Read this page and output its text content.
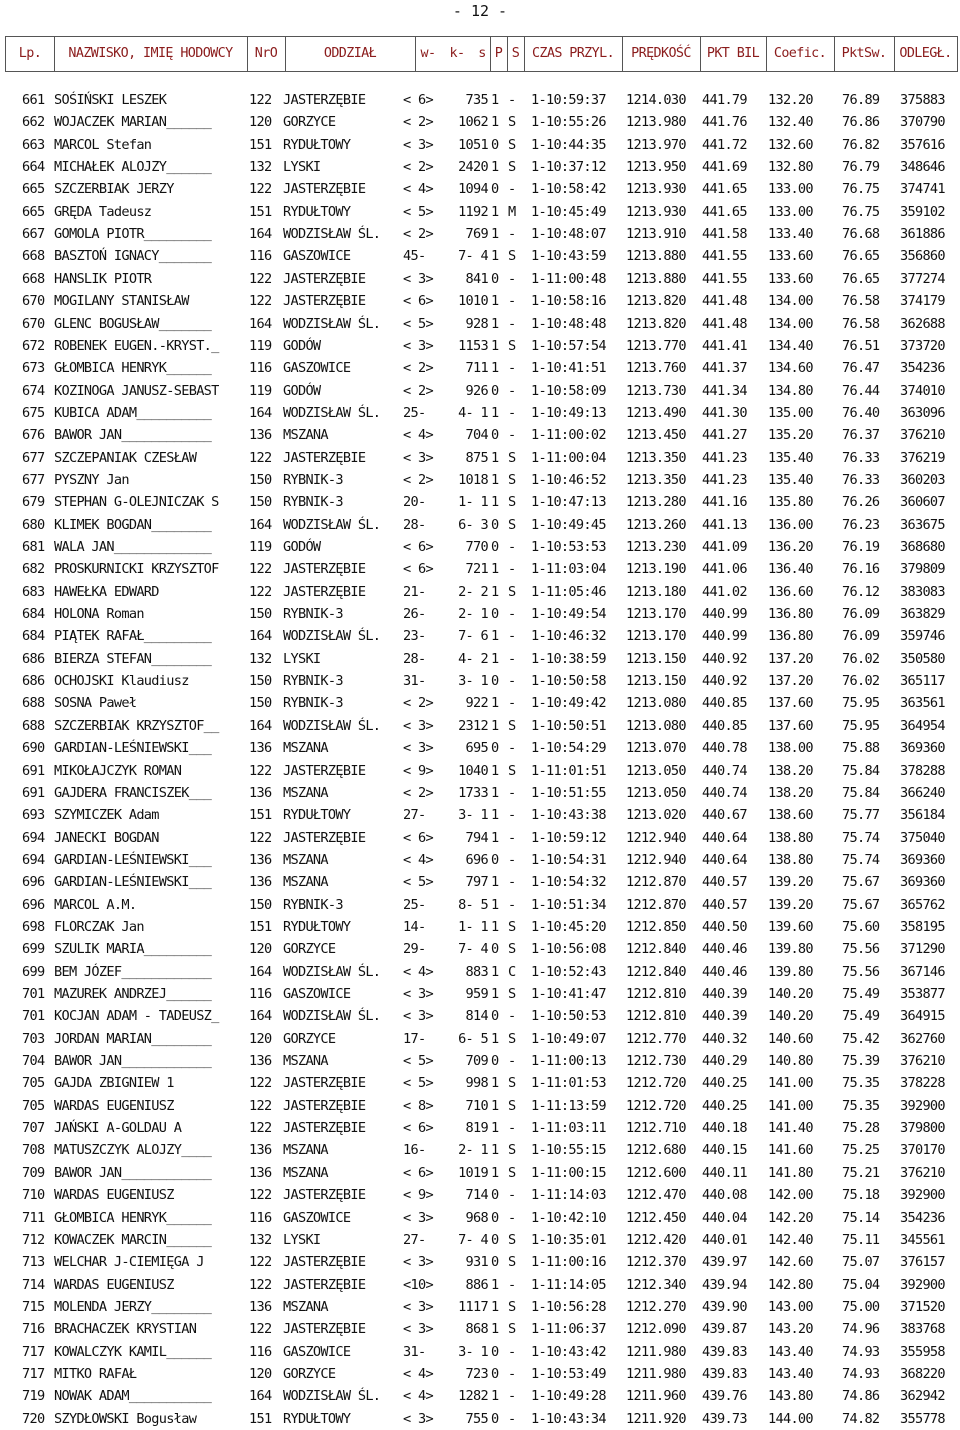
- 12 -
Lp.	NAZWISKO, IMIĘ HODOWCY	NrO	ODDZIAŁ	w- k- s P S CZAS PRZYL.	PRĘDKOŚĆ	PKT BIL	Coefic.	PktSw. ODLEGŁ.
661 SOŚIŃSKI LESZEK	122 JASTERZĘBIE	< 6>	735 1 - 1-10:59:37 1214.030 441.79 132.20 76.89 375883
662 WOJACZEK MARIAN______	120 GORZYCE	< 2>	1062 1 S 1-10:55:26 1213.980 441.76 132.40 76.86 370790
663 MARCOL Stefan	151 RYDUŁTOWY	< 3>	1051 0 S 1-10:44:35 1213.970 441.72 132.60 76.82 357616
664 MICHAŁEK ALOJZY______	132 LYSKI	< 2>	2420 1 S 1-10:37:12 1213.950 441.69 132.80 76.79 348646
665 SZCZERBIAK JERZY	122 JASTERZĘBIE	< 4>	1094 0 - 1-10:58:42 1213.930 441.65 133.00 76.75 374741
665 GRĘDA Tadeusz	151 RYDUŁTOWY	< 5>	1192 1 M 1-10:45:49 1213.930 441.65 133.00 76.75 359102
667 GOMOLA PIOTR_________	164 WODZISŁAW ŚL.	< 2>	769 1 - 1-10:48:07 1213.910 441.58 133.40 76.68 361886
668 BASZTOŃ IGNACY_______	116 GASZOWICE	45-	7- 4 1 S 1-10:43:59 1213.880 441.55 133.60 76.65 356860
668 HANSLIK PIOTR	122 JASTERZĘBIE	< 3>	841 0 - 1-11:00:48 1213.880 441.55 133.60 76.65 377274
670 MOGILANY STANISŁAW	122 JASTERZĘBIE	< 6>	1010 1 - 1-10:58:16 1213.820 441.48 134.00 76.58 374179
670 GLENC BOGUSŁAW_______	164 WODZISŁAW ŚL.	< 5>	928 1 - 1-10:48:48 1213.820 441.48 134.00 76.58 362688
672 ROBENEK EUGEN.-KRYST._	119 GODÓW	< 3>	1153 1 S 1-10:57:54 1213.770 441.41 134.40 76.51 373720
673 GŁOMBICA HENRYK______	116 GASZOWICE	< 2>	711 1 - 1-10:41:51 1213.760 441.37 134.60 76.47 354236
674 KOZINOGA JANUSZ-SEBAST	119 GODÓW	< 2>	926 0 - 1-10:58:09 1213.730 441.34 134.80 76.44 374010
675 KUBICA ADAM__________	164 WODZISŁAW ŚL.	25-	4- 1 1 - 1-10:49:13 1213.490 441.30 135.00 76.40 363096
676 BAWOR JAN____________	136 MSZANA	< 4>	704 0 - 1-11:00:02 1213.450 441.27 135.20 76.37 376210
677 SZCZEPANIAK CZESŁAW	122 JASTERZĘBIE	< 3>	875 1 S 1-11:00:04 1213.350 441.23 135.40 76.33 376219
677 PYSZNY Jan	150 RYBNIK-3	< 2>	1018 1 S 1-10:46:52 1213.350 441.23 135.40 76.33 360203
679 STEPHAN G-OLEJNICZAK S	150 RYBNIK-3	20-	1- 1 1 S 1-10:47:13 1213.280 441.16 135.80 76.26 360607
680 KLIMEK BOGDAN________	164 WODZISŁAW ŚL.	28-	6- 3 0 S 1-10:49:45 1213.260 441.13 136.00 76.23 363675
681 WALA JAN_____________	119 GODÓW	< 6>	770 0 - 1-10:53:53 1213.230 441.09 136.20 76.19 368680
682 PROSKURNICKI KRZYSZTOF	122 JASTERZĘBIE	< 6>	721 1 - 1-11:03:04 1213.190 441.06 136.40 76.16 379809
683 HAWEŁKA EDWARD	122 JASTERZĘBIE	21-	2- 2 1 S 1-11:05:46 1213.180 441.02 136.60 76.12 383083
684 HOLONA Roman	150 RYBNIK-3	26-	2- 1 0 - 1-10:49:54 1213.170 440.99 136.80 76.09 363829
684 PIĄTEK RAFAŁ_________	164 WODZISŁAW ŚL.	23-	7- 6 1 - 1-10:46:32 1213.170 440.99 136.80 76.09 359746
686 BIERZA STEFAN________	132 LYSKI	28-	4- 2 1 - 1-10:38:59 1213.150 440.92 137.20 76.02 350580
686 OCHOJSKI Klaudiusz	150 RYBNIK-3	31-	3- 1 0 - 1-10:50:58 1213.150 440.92 137.20 76.02 365117
688 SOSNA Paweł	150 RYBNIK-3	< 2>	922 1 - 1-10:49:42 1213.080 440.85 137.60 75.95 363561
688 SZCZERBIAK KRZYSZTOF__	164 WODZISŁAW ŚL.	< 3>	2312 1 S 1-10:50:51 1213.080 440.85 137.60 75.95 364954
690 GARDIAN-LEŚNIEWSKI___	136 MSZANA	< 3>	695 0 - 1-10:54:29 1213.070 440.78 138.00 75.88 369360
691 MIKOŁAJCZYK ROMAN	122 JASTERZĘBIE	< 9>	1040 1 S 1-11:01:51 1213.050 440.74 138.20 75.84 378288
691 GAJDERA FRANCISZEK___	136 MSZANA	< 2>	1733 1 - 1-10:51:55 1213.050 440.74 138.20 75.84 366240
693 SZYMICZEK Adam	151 RYDUŁTOWY	27-	3- 1 1 - 1-10:43:38 1213.020 440.67 138.60 75.77 356184
694 JANECKI BOGDAN	122 JASTERZĘBIE	< 6>	794 1 - 1-10:59:12 1212.940 440.64 138.80 75.74 375040
694 GARDIAN-LEŚNIEWSKI___	136 MSZANA	< 4>	696 0 - 1-10:54:31 1212.940 440.64 138.80 75.74 369360
696 GARDIAN-LEŚNIEWSKI___	136 MSZANA	< 5>	797 1 - 1-10:54:32 1212.870 440.57 139.20 75.67 369360
696 MARCOL A.M.	150 RYBNIK-3	25-	8- 5 1 - 1-10:51:34 1212.870 440.57 139.20 75.67 365762
698 FLORCZAK Jan	151 RYDUŁTOWY	14-	1- 1 1 S 1-10:45:20 1212.850 440.50 139.60 75.60 358195
699 SZULIK MARIA_________	120 GORZYCE	29-	7- 4 0 S 1-10:56:08 1212.840 440.46 139.80 75.56 371290
699 BEM JÓZEF____________	164 WODZISŁAW ŚL.	< 4>	883 1 C 1-10:52:43 1212.840 440.46 139.80 75.56 367146
701 MAZUREK ANDRZEJ______	116 GASZOWICE	< 3>	959 1 S 1-10:41:47 1212.810 440.39 140.20 75.49 353877
701 KOCJAN ADAM - TADEUSZ_	164 WODZISŁAW ŚL.	< 3>	814 0 - 1-10:50:53 1212.810 440.39 140.20 75.49 364915
703 JORDAN MARIAN________	120 GORZYCE	17-	6- 5 1 S 1-10:49:07 1212.770 440.32 140.60 75.42 362760
704 BAWOR JAN____________	136 MSZANA	< 5>	709 0 - 1-11:00:13 1212.730 440.29 140.80 75.39 376210
705 GAJDA ZBIGNIEW 1	122 JASTERZĘBIE	< 5>	998 1 S 1-11:01:53 1212.720 440.25 141.00 75.35 378228
705 WARDAS EUGENIUSZ	122 JASTERZĘBIE	< 8>	710 1 S 1-11:13:59 1212.720 440.25 141.00 75.35 392900
707 JAŃSKI A-GOLDAU A	122 JASTERZĘBIE	< 6>	819 1 - 1-11:03:11 1212.710 440.18 141.40 75.28 379800
708 MATUSZCZYK ALOJZY____	136 MSZANA	16-	2- 1 1 S 1-10:55:15 1212.680 440.15 141.60 75.25 370170
709 BAWOR JAN____________	136 MSZANA	< 6>	1019 1 S 1-11:00:15 1212.600 440.11 141.80 75.21 376210
710 WARDAS EUGENIUSZ	122 JASTERZĘBIE	< 9>	714 0 - 1-11:14:03 1212.470 440.08 142.00 75.18 392900
711 GŁOMBICA HENRYK______	116 GASZOWICE	< 3>	968 0 - 1-10:42:10 1212.450 440.04 142.20 75.14 354236
712 KOWACZEK MARCIN______	132 LYSKI	27-	7- 4 0 S 1-10:35:01 1212.420 440.01 142.40 75.11 345561
713 WELCHAR J-CIEMIĘGA J	122 JASTERZĘBIE	< 3>	931 0 S 1-11:00:16 1212.370 439.97 142.60 75.07 376157
714 WARDAS EUGENIUSZ	122 JASTERZĘBIE	<10>	886 1 - 1-11:14:05 1212.340 439.94 142.80 75.04 392900
715 MOLENDA JERZY________	136 MSZANA	< 3>	1117 1 S 1-10:56:28 1212.270 439.90 143.00 75.00 371520
716 BRACHACZEK KRYSTIAN	122 JASTERZĘBIE	< 3>	868 1 S 1-11:06:37 1212.090 439.87 143.20 74.96 383768
717 KOWALCZYK KAMIL______	116 GASZOWICE	31-	3- 1 0 - 1-10:43:42 1211.980 439.83 143.40 74.93 355958
717 MITKO RAFAŁ	120 GORZYCE	< 4>	723 0 - 1-10:53:49 1211.980 439.83 143.40 74.93 368220
719 NOWAK ADAM___________	164 WODZISŁAW ŚL.	< 4>	1282 1 - 1-10:49:28 1211.960 439.76 143.80 74.86 362942
720 SZYDŁOWSKI Bogusław	151 RYDUŁTOWY	< 3>	755 0 - 1-10:43:34 1211.920 439.73 144.00 74.82 355778
